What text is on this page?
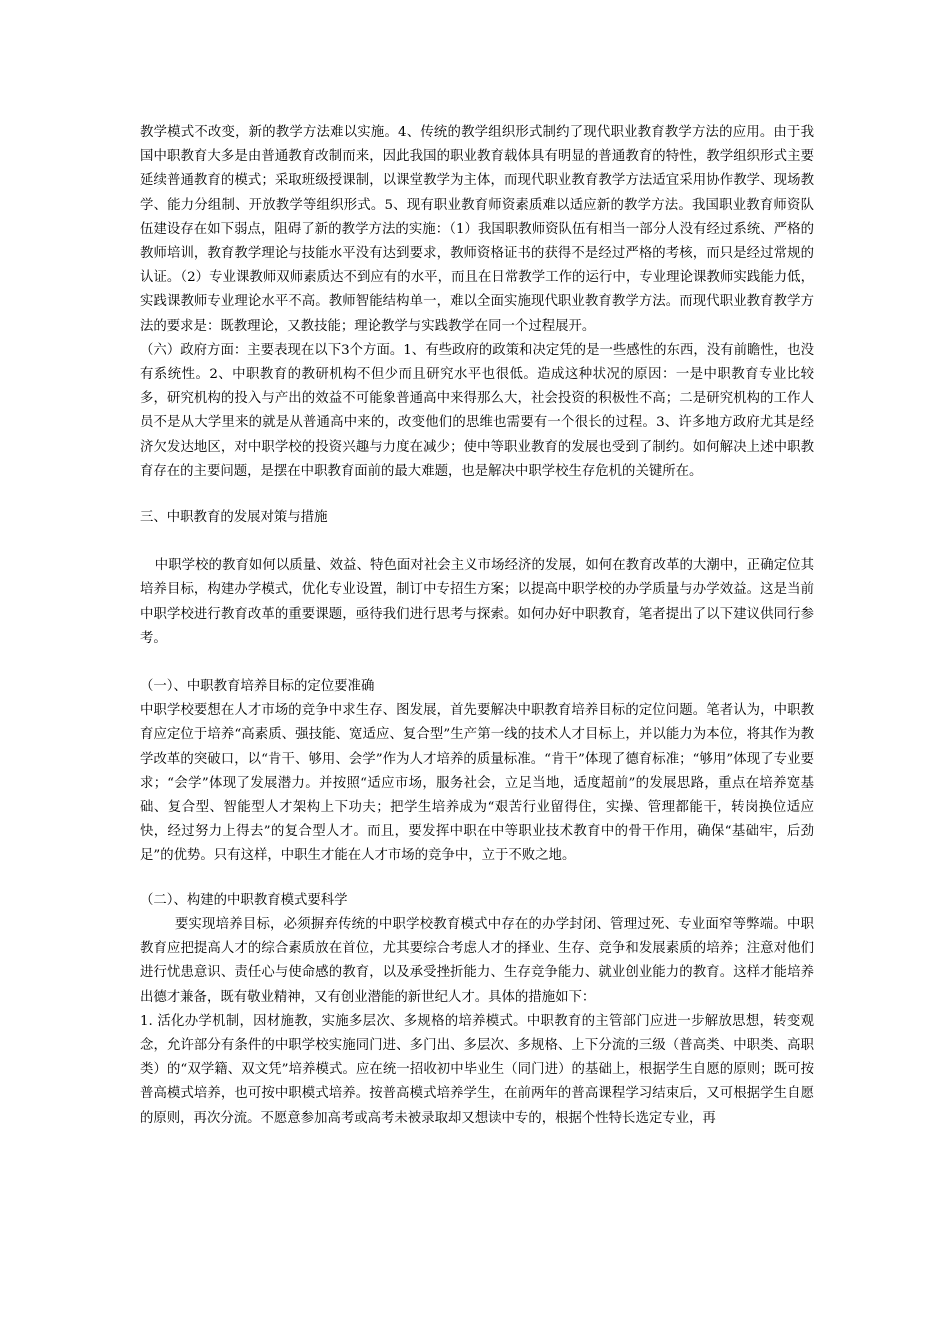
教学模式不改变，新的教学方法难以实施。4、传统的教学组织形式制约了现代职业教育教学方法的应用。由于我国中职教育大多是由普通教育改制而来，因此我国的职业教育载体具有明显的普通教育的特性，教学组织形式主要延续普通教育的模式；采取班级授课制，以课堂教学为主体，而现代职业教育教学方法适宜采用协作教学、现场教学、能力分组制、开放教学等组织形式。5、现有职业教育师资素质难以适应新的教学方法。我国职业教育师资队伍建设存在如下弱点，阻碍了新的教学方法的实施：（1）我国职教师资队伍有相当一部分人没有经过系统、严格的教师培训，教育教学理论与技能水平没有达到要求，教师资格证书的获得不是经过严格的考核，而只是经过常规的认证。（2）专业课教师双师素质达不到应有的水平，而且在日常教学工作的运行中，专业理论课教师实践能力低，实践课教师专业理论水平不高。教师智能结构单一，难以全面实施现代职业教育教学方法。而现代职业教育教学方法的要求是：既教理论，又教技能；理论教学与实践教学在同一个过程展开。

（六）政府方面：主要表现在以下3个方面。1、有些政府的政策和决定凭的是一些感性的东西，没有前瞻性，也没有系统性。2、中职教育的教研机构不但少而且研究水平也很低。造成这种状况的原因：一是中职教育专业比较多，研究机构的投入与产出的效益不可能象普通高中来得那么大，社会投资的积极性不高；二是研究机构的工作人员不是从大学里来的就是从普通高中来的，改变他们的思维也需要有一个很长的过程。3、许多地方政府尤其是经济欠发达地区，对中职学校的投资兴趣与力度在减少；使中等职业教育的发展也受到了制约。如何解决上述中职教育存在的主要问题，是摆在中职教育面前的最大难题，也是解决中职学校生存危机的关键所在。

三、中职教育的发展对策与措施

中职学校的教育如何以质量、效益、特色面对社会主义市场经济的发展，如何在教育改革的大潮中，正确定位其培养目标，构建办学模式，优化专业设置，制订中专招生方案；以提高中职学校的办学质量与办学效益。这是当前中职学校进行教育改革的重要课题，亟待我们进行思考与探索。如何办好中职教育，笔者提出了以下建议供同行参考。

（一）、中职教育培养目标的定位要准确

中职学校要想在人才市场的竞争中求生存、图发展，首先要解决中职教育培养目标的定位问题。笔者认为，中职教育应定位于培养“高素质、强技能、宽适应、复合型”生产第一线的技术人才目标上，并以能力为本位，将其作为教学改革的突破口，以“肯干、够用、会学”作为人才培养的质量标准。“肯干”体现了德育标准；“够用”体现了专业要求；“会学”体现了发展潜力。并按照“适应市场，服务社会，立足当地，适度超前”的发展思路，重点在培养宽基础、复合型、智能型人才架构上下功夫；把学生培养成为“艰苦行业留得住，实操、管理都能干，转岗换位适应快，经过努力上得去”的复合型人才。而且，要发挥中职在中等职业技术教育中的骨干作用，确保“基础牢，后劲足”的优势。只有这样，中职生才能在人才市场的竞争中，立于不败之地。

（二）、构建的中职教育模式要科学

要实现培养目标，必须摒弃传统的中职学校教育模式中存在的办学封闭、管理过死、专业面窄等弊端。中职教育应把提高人才的综合素质放在首位，尤其要综合考虑人才的择业、生存、竞争和发展素质的培养；注意对他们进行忧患意识、责任心与使命感的教育，以及承受挫折能力、生存竞争能力、就业创业能力的教育。这样才能培养出德才兼备，既有敬业精神，又有创业潜能的新世纪人才。具体的措施如下：

1. 活化办学机制，因材施教，实施多层次、多规格的培养模式。中职教育的主管部门应进一步解放思想，转变观念，允许部分有条件的中职学校实施同门进、多门出、多层次、多规格、上下分流的三级（普高类、中职类、高职类）的“双学籍、双文凭”培养模式。应在统一招收初中毕业生（同门进）的基础上，根据学生自愿的原则；既可按普高模式培养，也可按中职模式培养。按普高模式培养学生，在前两年的普高课程学习结束后，又可根据学生自愿的原则，再次分流。不愿意参加高考或高考未被录取却又想读中专的，根据个性特长选定专业，再
